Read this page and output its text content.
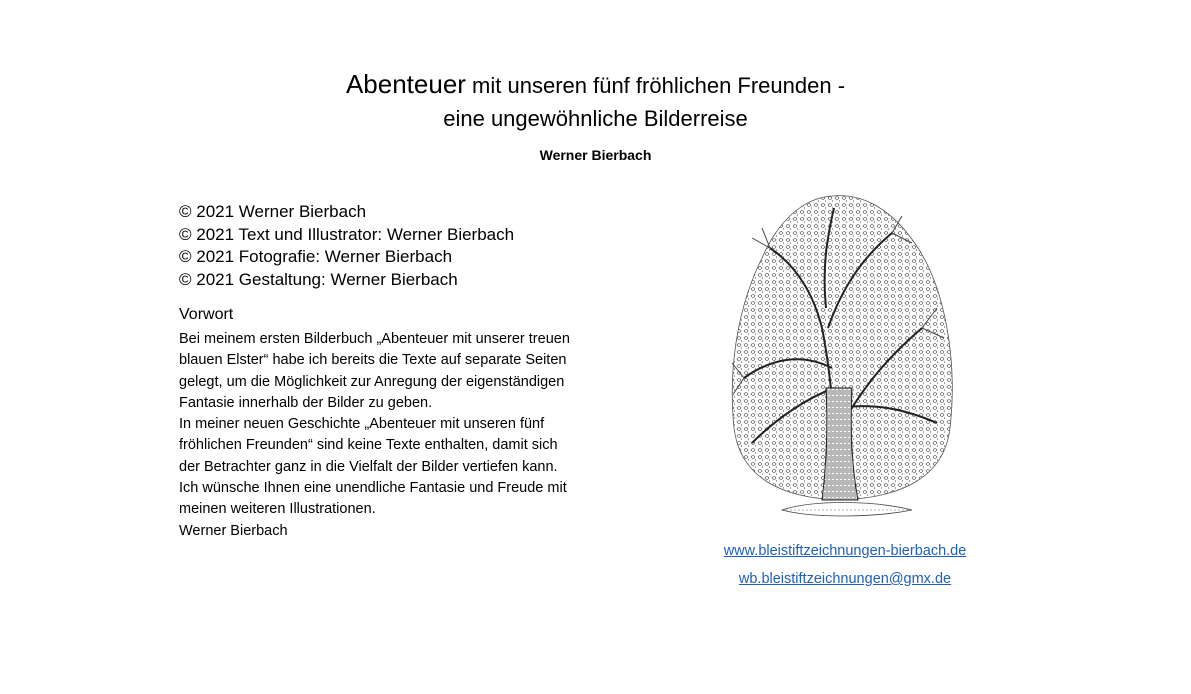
Abenteuer mit unseren fünf fröhlichen Freunden -
eine ungewöhnliche Bilderreise
Werner Bierbach
© 2021 Werner Bierbach
© 2021 Text und Illustrator: Werner Bierbach
© 2021 Fotografie: Werner Bierbach
© 2021 Gestaltung: Werner Bierbach
Vorwort
Bei meinem ersten Bilderbuch „Abenteuer mit unserer treuen
blauen Elster“ habe ich bereits die Texte auf separate Seiten
gelegt, um die Möglichkeit zur Anregung der eigenständigen
Fantasie innerhalb der Bilder zu geben.
In meiner neuen Geschichte „Abenteuer mit unseren fünf
fröhlichen Freunden“ sind keine Texte enthalten, damit sich
der Betrachter ganz in die Vielfalt der Bilder vertiefen kann.
Ich wünsche Ihnen eine unendliche Fantasie und Freude mit
meinen weiteren Illustrationen.
Werner Bierbach
www.bleistiftzeichnungen-bierbach.de
wb.bleistiftzeichnungen@gmx.de
